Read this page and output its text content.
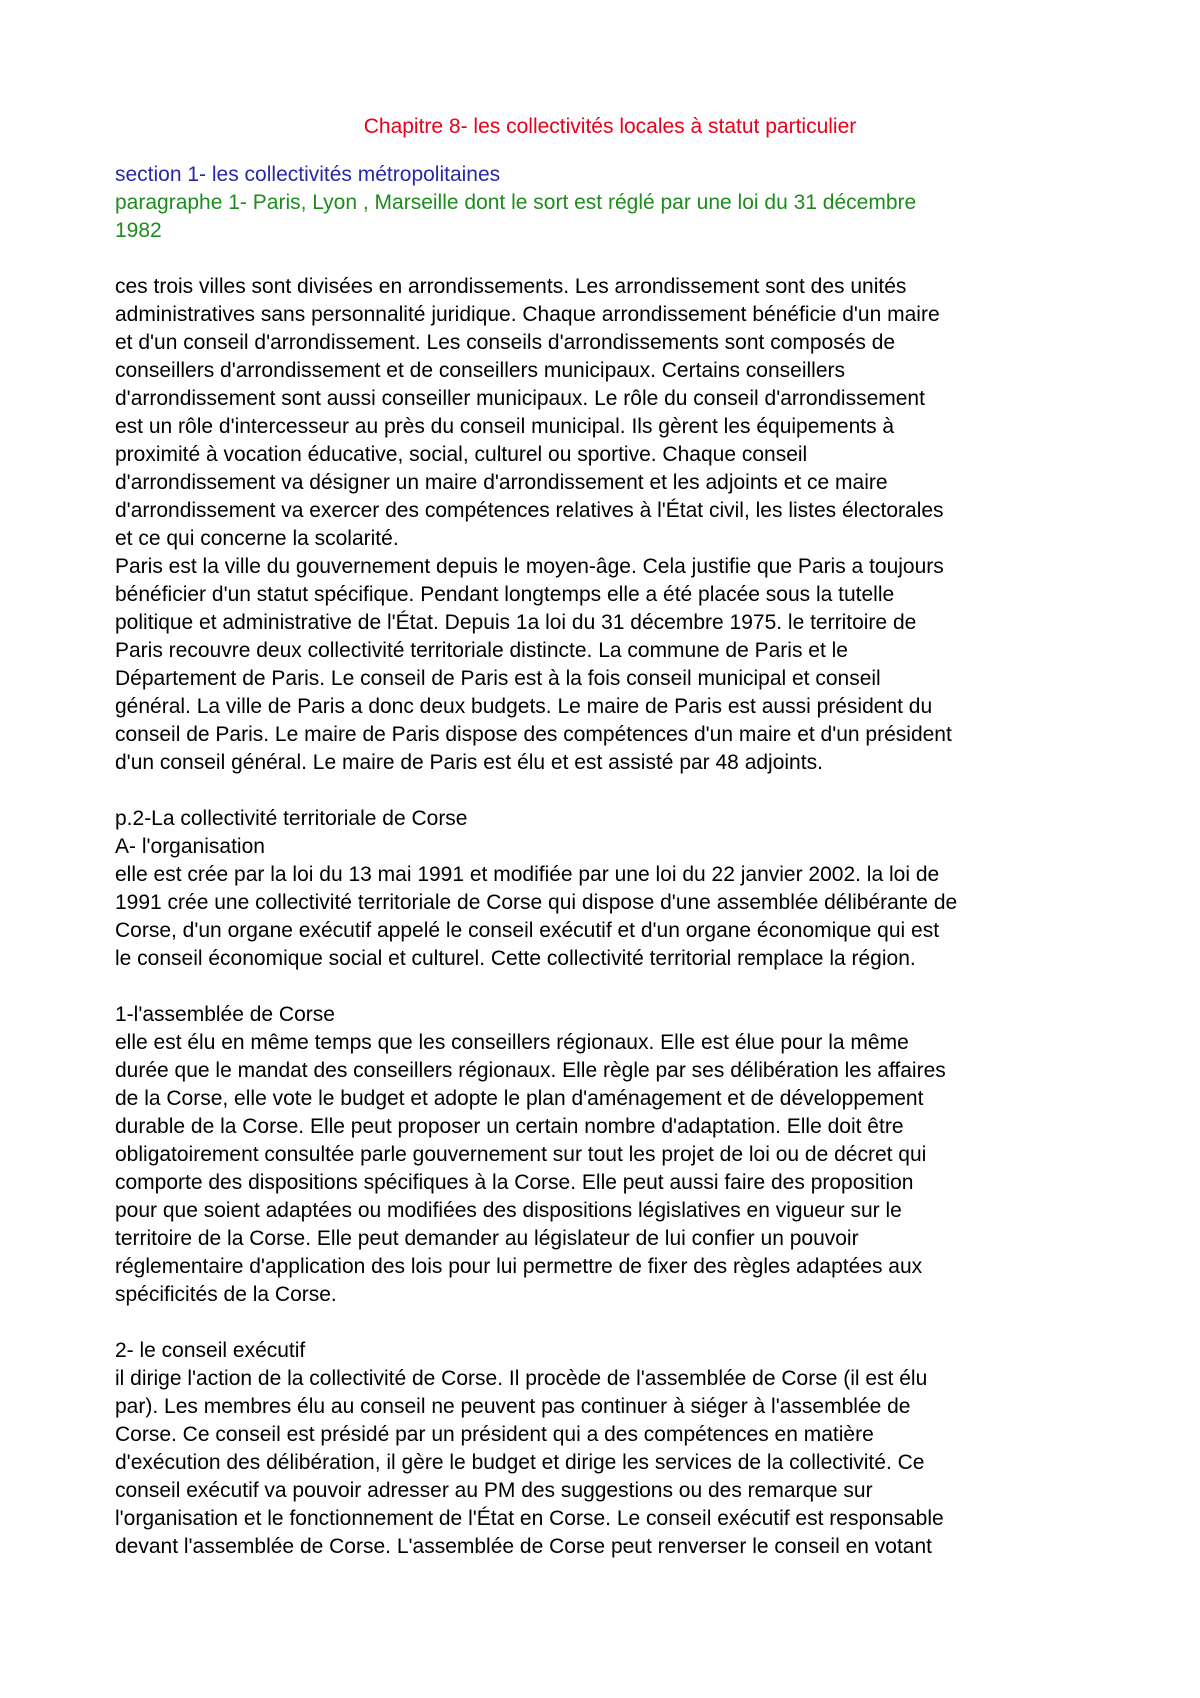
Chapitre 8- les collectivités locales à statut particulier
section 1- les collectivités métropolitaines
paragraphe 1- Paris, Lyon , Marseille dont le sort est réglé par une loi du 31 décembre
1982
ces trois villes sont divisées en arrondissements. Les arrondissement sont des unités
administratives sans personnalité juridique. Chaque arrondissement bénéficie d'un maire
et d'un conseil d'arrondissement. Les conseils d'arrondissements sont composés de
conseillers d'arrondissement et de conseillers municipaux. Certains conseillers
d'arrondissement sont aussi conseiller municipaux. Le rôle du conseil d'arrondissement
est un rôle d'intercesseur au près du conseil municipal. Ils gèrent les équipements à
proximité à vocation éducative, social, culturel ou sportive. Chaque conseil
d'arrondissement va désigner un maire d'arrondissement et les adjoints et ce maire
d'arrondissement va exercer des compétences relatives à l'État civil, les listes électorales
et ce qui concerne la scolarité.
Paris est la ville du gouvernement depuis le moyen-âge. Cela justifie que Paris a toujours
bénéficier d'un statut spécifique. Pendant longtemps elle a été placée sous la tutelle
politique et administrative de l'État. Depuis 1a loi du 31 décembre 1975. le territoire de
Paris recouvre deux collectivité territoriale distincte. La commune de Paris et le
Département de Paris. Le conseil de Paris est à la fois conseil municipal et conseil
général. La ville de Paris a donc deux budgets. Le maire de Paris est aussi président du
conseil de Paris. Le maire de Paris dispose des compétences d'un maire et d'un président
d'un conseil général. Le maire de Paris est élu et est assisté par 48 adjoints.
p.2-La collectivité territoriale de Corse
A- l'organisation
elle est crée par la loi du 13 mai 1991 et modifiée par une loi du 22 janvier 2002. la loi de
1991 crée une collectivité territoriale de Corse qui dispose d'une assemblée délibérante de
Corse, d'un organe exécutif appelé le conseil exécutif et d'un organe économique qui est
le conseil économique social et culturel. Cette collectivité territorial remplace la région.
1-l'assemblée de Corse
elle est élu en même temps que les conseillers régionaux. Elle est élue pour la même
durée que le mandat des conseillers régionaux. Elle règle par ses délibération les affaires
de la Corse, elle vote le budget et adopte le plan d'aménagement et de développement
durable de la Corse. Elle peut proposer un certain nombre d'adaptation. Elle doit être
obligatoirement consultée parle gouvernement sur tout les projet de loi ou de décret qui
comporte des dispositions spécifiques à la Corse. Elle peut aussi faire des proposition
pour que soient adaptées ou modifiées des dispositions législatives en vigueur sur le
territoire de la Corse. Elle peut demander au législateur de lui confier un pouvoir
réglementaire d'application des lois pour lui permettre de fixer des règles adaptées aux
spécificités de la Corse.
2- le conseil exécutif
il dirige l'action de la collectivité de Corse. Il procède de l'assemblée de Corse (il est élu
par). Les membres élu au conseil ne peuvent pas continuer à siéger à l'assemblée de
Corse. Ce conseil est présidé par un président qui a des compétences en matière
d'exécution des délibération, il gère le budget et dirige les services de la collectivité. Ce
conseil exécutif va pouvoir adresser au PM des suggestions ou des remarque sur
l'organisation et le fonctionnement de l'État en Corse. Le conseil exécutif est responsable
devant l'assemblée de Corse. L'assemblée de Corse peut renverser le conseil en votant
